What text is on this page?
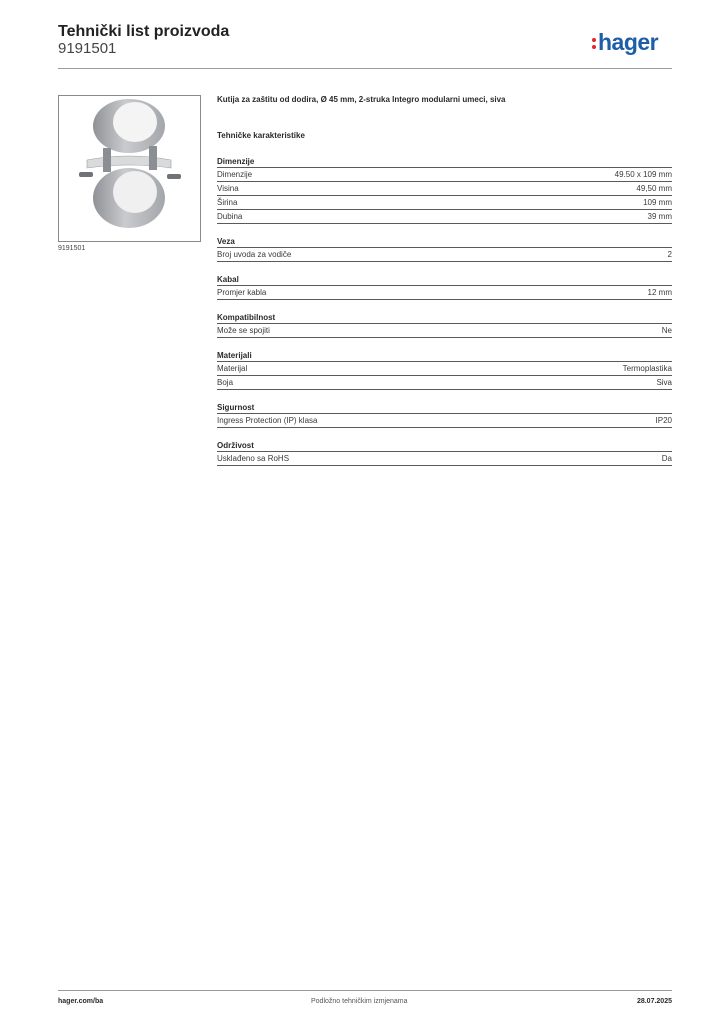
Tehnički list proizvoda
9191501	hager
9191501
Kutija za zaštitu od dodira, Ø 45 mm, 2-struka Integro modularni umeci, siva
Tehničke karakteristike
Dimenzije
Dimenzije	49.50 x 109 mm
Visina	49,50 mm
Širina	109 mm
Dubina	39 mm
Veza
Broj uvoda za vodiče	2
Kabal
Promjer kabla	12 mm
Kompatibilnost
Može se spojiti	Ne
Materijali
Materijal	Termoplastika
Boja	Siva
Sigurnost
Ingress Protection (IP) klasa	IP20
Održivost
Usklađeno sa RoHS	Da
hager.com/ba	Podložno tehničkim izmjenama	28.07.2025
